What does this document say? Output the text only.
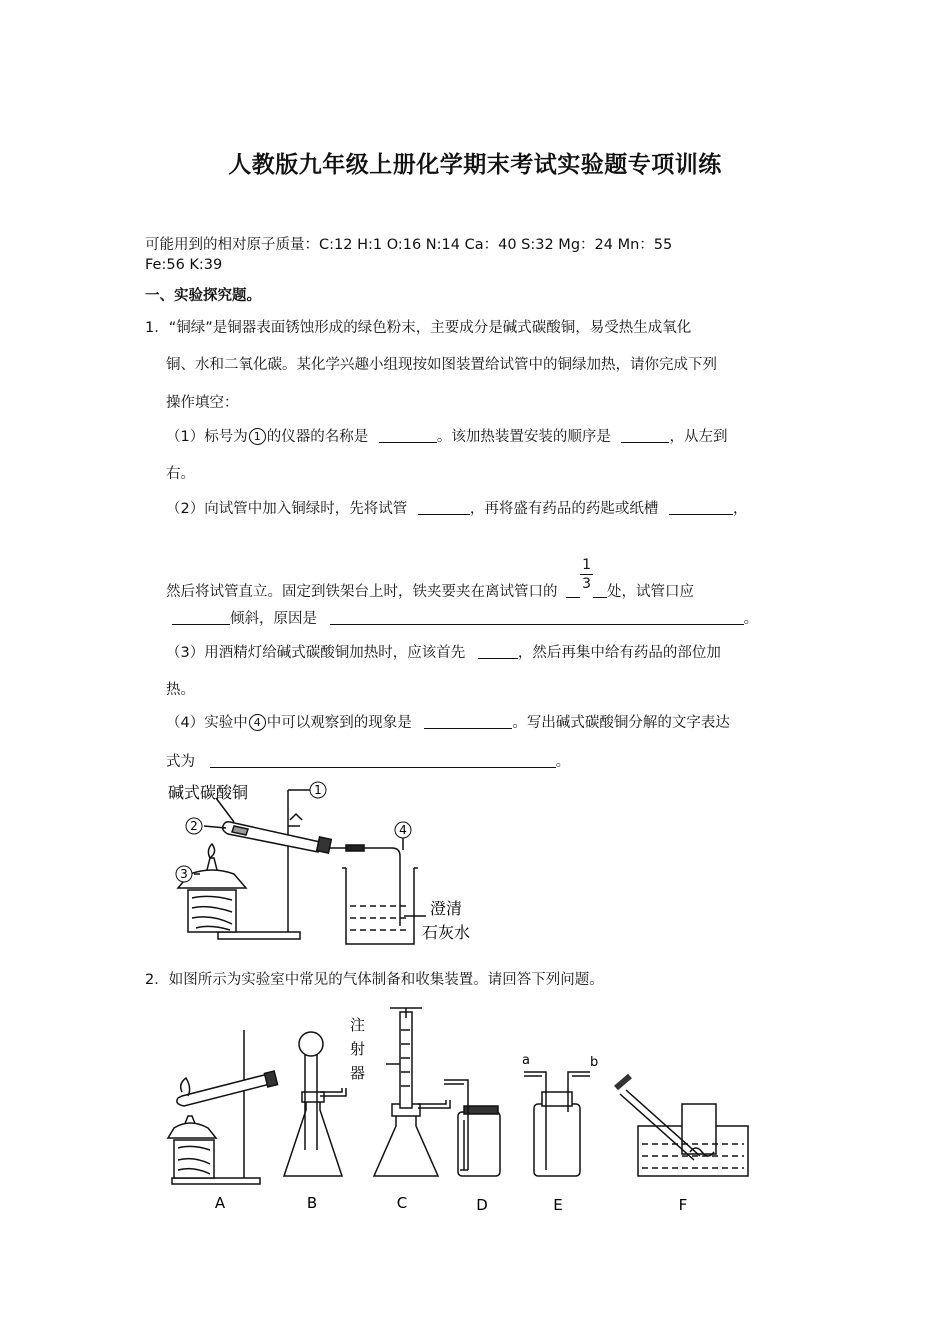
人教版九年级上册化学期末考试实验题专项训练
可能用到的相对原子质量：C:12 H:1 O:16 N:14 Ca：40 S:32 Mg：24 Mn：55
Fe:56 K:39
一、实验探究题。
1．“铜绿”是铜器表面锈蚀形成的绿色粉末，主要成分是碱式碳酸铜，易受热生成氧化
铜、水和二氧化碳。某化学兴趣小组现按如图装置给试管中的铜绿加热，请你完成下列
操作填空：
（1）标号为 1 的仪器的名称是	。该加热装置安装的顺序是	，从左到
右。
（2）向试管中加入铜绿时，先将试管	，再将盛有药品的药匙或纸槽	，
然后将试管直立。固定到铁架台上时，铁夹要夹在离试管口的 $\frac{1}{3}$ 处，试管口应
倾斜，原因是	。
（3）用酒精灯给碱式碳酸铜加热时，应该首先	，然后再集中给有药品的部位加
热。
（4）实验中 4 中可以观察到的现象是	。写出碱式碳酸铜分解的文字表达
式为	。
碱式碳酸铜	1
2
3
4
澄清
石灰水
2．如图所示为实验室中常见的气体制备和收集装置。请回答下列问题。
注
射
器
a	b
A	B	C	D	E	F
